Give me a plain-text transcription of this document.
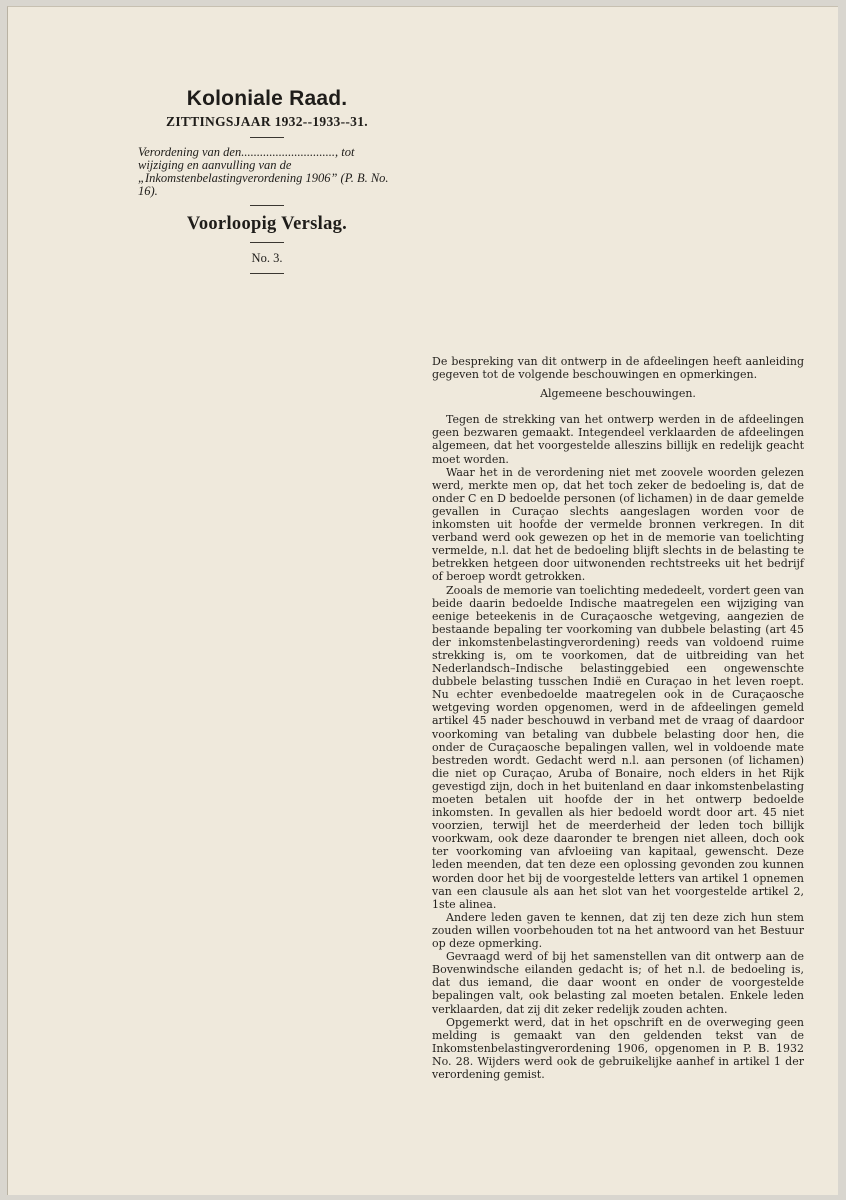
Koloniale Raad.

ZITTINGSJAAR 1932--1933--31.

Verordening van den.............................., tot wijziging en aanvulling van de „Inkomstenbelastingverordening 1906” (P. B. No. 16).

Voorloopig Verslag.

No. 3.

De bespreking van dit ontwerp in de afdeelingen heeft aanleiding gegeven tot de volgende beschouwingen en opmerkingen.

Algemeene beschouwingen.

Tegen de strekking van het ontwerp werden in de afdeelingen geen bezwaren gemaakt. Integendeel verklaarden de afdeelingen algemeen, dat het voorgestelde alleszins billijk en redelijk geacht moet worden.

Waar het in de verordening niet met zoovele woorden gelezen werd, merkte men op, dat het toch zeker de bedoeling is, dat de onder C en D bedoelde personen (of lichamen) in de daar gemelde gevallen in Curaçao slechts aangeslagen worden voor de inkomsten uit hoofde der vermelde bronnen verkregen. In dit verband werd ook gewezen op het in de memorie van toelichting vermelde, n.l. dat het de bedoeling blijft slechts in de belasting te betrekken hetgeen door uitwonenden rechtstreeks uit het bedrijf of beroep wordt getrokken.

Zooals de memorie van toelichting mededeelt, vordert geen van beide daarin bedoelde Indische maatregelen een wijziging van eenige beteekenis in de Curaçaosche wetgeving, aangezien de bestaande bepaling ter voorkoming van dubbele belasting (art 45 der inkomstenbelastingverordening) reeds van voldoend ruime strekking is, om te voorkomen, dat de uitbreiding van het Nederlandsch–Indische belastinggebied een ongewenschte dubbele belasting tusschen Indië en Curaçao in het leven roept. Nu echter evenbedoelde maatregelen ook in de Curaçaosche wetgeving worden opgenomen, werd in de afdeelingen gemeld artikel 45 nader beschouwd in verband met de vraag of daardoor voorkoming van betaling van dubbele belasting door hen, die onder de Curaçaosche bepalingen vallen, wel in voldoende mate bestreden wordt. Gedacht werd n.l. aan personen (of lichamen) die niet op Curaçao, Aruba of Bonaire, noch elders in het Rijk gevestigd zijn, doch in het buitenland en daar inkomstenbelasting moeten betalen uit hoofde der in het ontwerp bedoelde inkomsten. In gevallen als hier bedoeld wordt door art. 45 niet voorzien, terwijl het de meerderheid der leden toch billijk voorkwam, ook deze daaronder te brengen niet alleen, doch ook ter voorkoming van afvloeiing van kapitaal, gewenscht. Deze leden meenden, dat ten deze een oplossing gevonden zou kunnen worden door het bij de voorgestelde letters van artikel 1 opnemen van een clausule als aan het slot van het voorgestelde artikel 2, 1ste alinea.

Andere leden gaven te kennen, dat zij ten deze zich hun stem zouden willen voorbehouden tot na het antwoord van het Bestuur op deze opmerking.

Gevraagd werd of bij het samenstellen van dit ontwerp aan de Bovenwindsche eilanden gedacht is; of het n.l. de bedoeling is, dat dus iemand, die daar woont en onder de voorgestelde bepalingen valt, ook belasting zal moeten betalen. Enkele leden verklaarden, dat zij dit zeker redelijk zouden achten.

Opgemerkt werd, dat in het opschrift en de overweging geen melding is gemaakt van den geldenden tekst van de Inkomstenbelastingverordening 1906, opgenomen in P. B. 1932 No. 28. Wijders werd ook de gebruikelijke aanhef in artikel 1 der verordening gemist.
